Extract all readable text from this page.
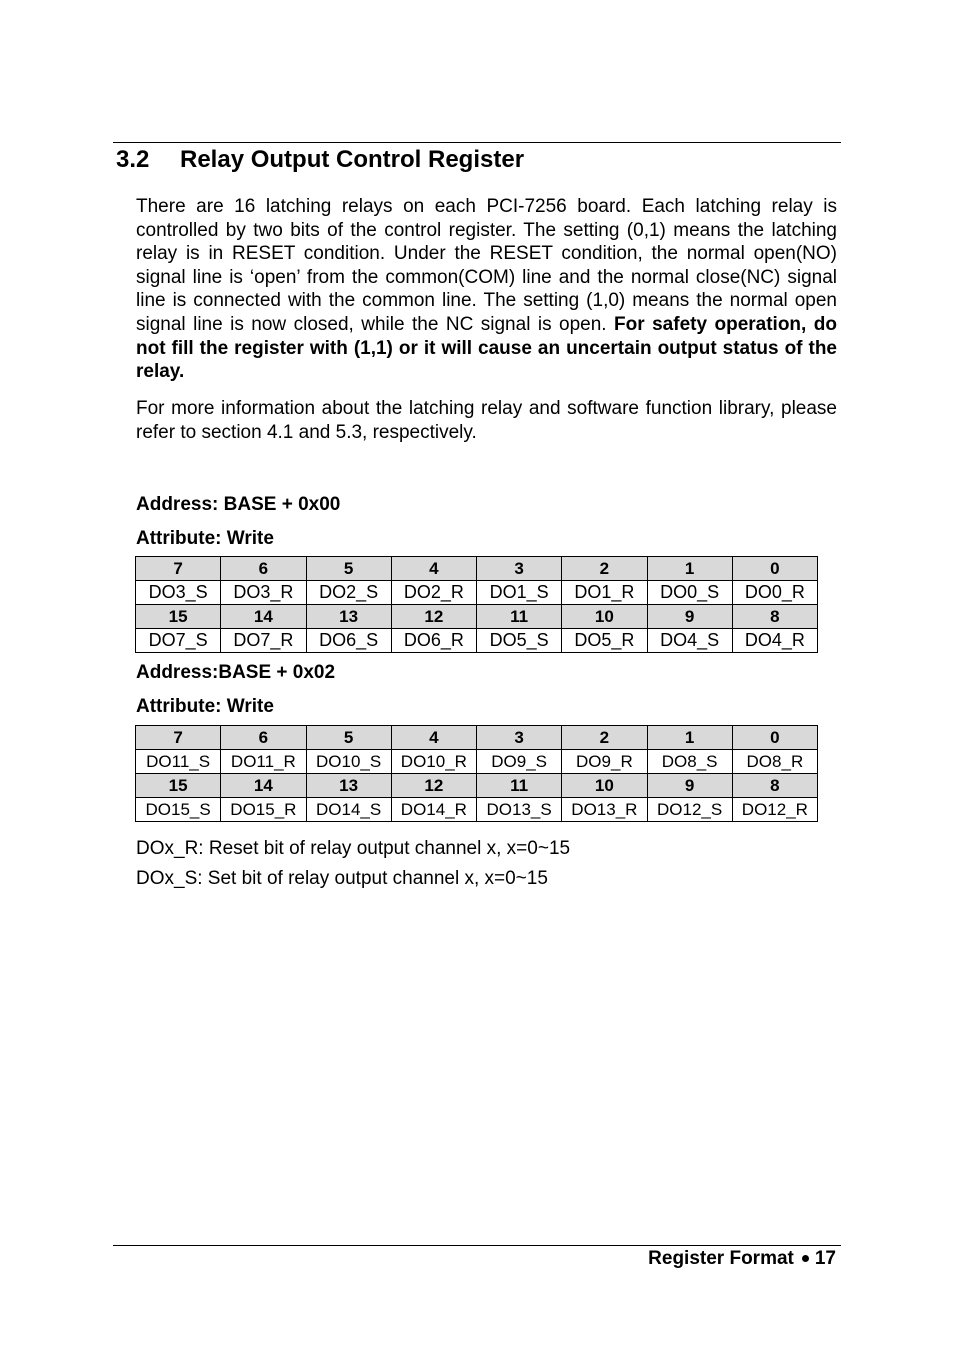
3.2 Relay Output Control Register

There are 16 latching relays on each PCI-7256 board. Each latching relay is controlled by two bits of the control register. The setting (0,1) means the latching relay is in RESET condition. Under the RESET condition, the normal open(NO) signal line is ‘open’ from the common(COM) line and the normal close(NC) signal line is connected with the common line. The setting (1,0) means the normal open signal line is now closed, while the NC signal is open. For safety operation, do not fill the register with (1,1) or it will cause an uncertain output status of the relay.

For more information about the latching relay and software function library, please refer to section 4.1 and 5.3, respectively.

Address: BASE + 0x00
Attribute: Write
7	6	5	4	3	2	1	0
DO3_S	DO3_R	DO2_S	DO2_R	DO1_S	DO1_R	DO0_S	DO0_R
15	14	13	12	11	10	9	8
DO7_S	DO7_R	DO6_S	DO6_R	DO5_S	DO5_R	DO4_S	DO4_R
Address:BASE + 0x02
Attribute: Write
7	6	5	4	3	2	1	0
DO11_S	DO11_R	DO10_S	DO10_R	DO9_S	DO9_R	DO8_S	DO8_R
15	14	13	12	11	10	9	8
DO15_S	DO15_R	DO14_S	DO14_R	DO13_S	DO13_R	DO12_S	DO12_R
DOx_R: Reset bit of relay output channel x, x=0~15
DOx_S: Set bit of relay output channel x, x=0~15
Register Format 17
